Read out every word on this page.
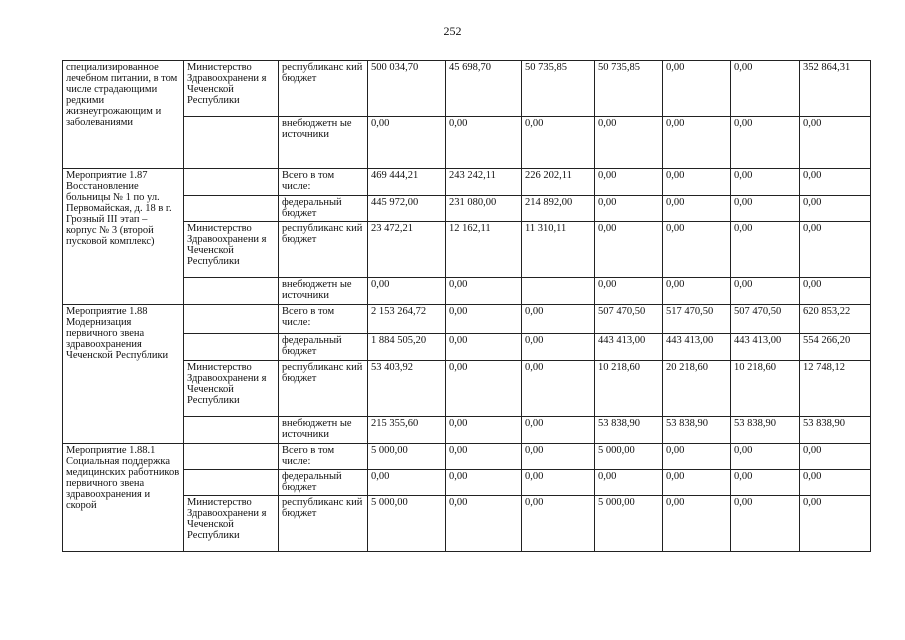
252
специализированное лечебном питании, в том числе страдающими редкими жизнеугрожающим и заболеваниями	Министерство Здравоохранени я Чеченской Республики	республиканс кий бюджет	500 034,70	45 698,70	50 735,85	50 735,85	0,00	0,00	352 864,31
		внебюджетн ые источники	0,00	0,00	0,00	0,00	0,00	0,00	0,00
Мероприятие 1.87 Восстановление больницы № 1 по ул. Первомайская, д. 18 в г. Грозный III этап – корпус № 3 (второй пусковой комплекс)		Всего в том числе:	469 444,21	243 242,11	226 202,11	0,00	0,00	0,00	0,00
		федеральный бюджет	445 972,00	231 080,00	214 892,00	0,00	0,00	0,00	0,00
	Министерство Здравоохранени я Чеченской Республики	республиканс кий бюджет	23 472,21	12 162,11	11 310,11	0,00	0,00	0,00	0,00
		внебюджетн ые источники	0,00	0,00		0,00	0,00	0,00	0,00
Мероприятие 1.88 Модернизация первичного звена здравоохранения Чеченской Республики		Всего в том числе:	2 153 264,72	0,00	0,00	507 470,50	517 470,50	507 470,50	620 853,22
		федеральный бюджет	1 884 505,20	0,00	0,00	443 413,00	443 413,00	443 413,00	554 266,20
	Министерство Здравоохранени я Чеченской Республики	республиканс кий бюджет	53 403,92	0,00	0,00	10 218,60	20 218,60	10 218,60	12 748,12
		внебюджетн ые источники	215 355,60	0,00	0,00	53 838,90	53 838,90	53 838,90	53 838,90
Мероприятие 1.88.1 Социальная поддержка медицинских работников первичного звена здравоохранения и скорой		Всего в том числе:	5 000,00	0,00	0,00	5 000,00	0,00	0,00	0,00
		федеральный бюджет	0,00	0,00	0,00	0,00	0,00	0,00	0,00
	Министерство Здравоохранени я Чеченской Республики	республиканс кий бюджет	5 000,00	0,00	0,00	5 000,00	0,00	0,00	0,00
